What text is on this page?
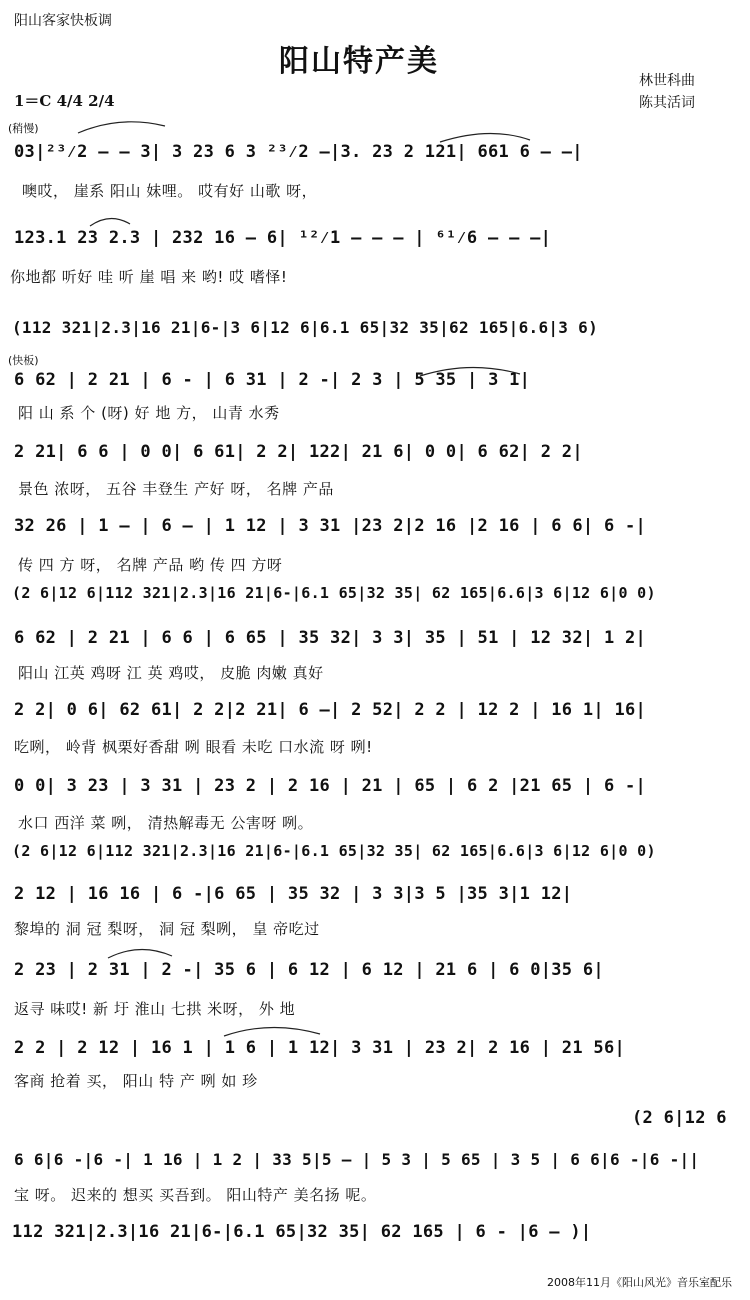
阳山客家快板调
阳山特产美
林世科曲
陈其活词
1＝C 4/4 2/4
(稍慢)
(快板)
03|²³⁄2 — — 3| 3 23 6 3 ²³⁄2 —|3. 23 2 121| 661 6 — —|
噢哎， 崖系 阳山 妹哩。 哎有好 山歌 呀，
123.1 23 2.3 | 232 16 — 6| ¹²⁄1 — — — | ⁶¹⁄6 — — —|
你地都 听好 哇 听 崖 唱 来 哟! 哎 嗜怿!
(112 321|2.3|16 21|6-|3 6|12 6|6.1 65|32 35|62 165|6.6|3 6)
6 62 | 2 21 | 6 - | 6 31 | 2 -| 2 3 | 5 35 | 3 1|
阳 山 系 个 (呀) 好 地 方， 山青 水秀
2 21| 6 6 | 0 0| 6 61| 2 2| 122| 21 6| 0 0| 6 62| 2 2|
景色 浓呀， 五谷 丰登生 产好 呀， 名牌 产品
32 26 | 1 — | 6 — | 1 12 | 3 31 |23 2|2 16 |2 16 | 6 6| 6 -|
传 四 方 呀， 名牌 产品 哟 传 四 方呀
(2 6|12 6|112 321|2.3|16 21|6-|6.1 65|32 35| 62 165|6.6|3 6|12 6|0 0)
6 62 | 2 21 | 6 6 | 6 65 | 35 32| 3 3| 35 | 51 | 12 32| 1 2|
阳山 江英 鸡呀 江 英 鸡哎， 皮脆 肉嫩 真好
2 2| 0 6| 62 61| 2 2|2 21| 6 —| 2 52| 2 2 | 12 2 | 16 1| 16|
吃咧， 岭背 枫栗好香甜 咧 眼看 未吃 口水流 呀 咧!
0 0| 3 23 | 3 31 | 23 2 | 2 16 | 21 | 65 | 6 2 |21 65 | 6 -|
水口 西洋 菜 咧， 清热解毒无 公害呀 咧。
(2 6|12 6|112 321|2.3|16 21|6-|6.1 65|32 35| 62 165|6.6|3 6|12 6|0 0)
2 12 | 16 16 | 6 -|6 65 | 35 32 | 3 3|3 5 |35 3|1 12|
黎埠的 洞 冠 梨呀， 洞 冠 梨咧， 皇 帝吃过
2 23 | 2 31 | 2 -| 35 6 | 6 12 | 6 12 | 21 6 | 6 0|35 6|
返寻 味哎! 新 圩 淮山 七拱 米呀， 外 地
2 2 | 2 12 | 16 1 | 1 6 | 1 12| 3 31 | 23 2| 2 16 | 21 56|
客商 抢着 买， 阳山 特 产 咧 如 珍
(2 6|12 6
6 6|6 -|6 -| 1 16 | 1 2 | 33 5|5 — | 5 3 | 5 65 | 3 5 | 6 6|6 -|6 -||
宝 呀。 迟来的 想买 买吾到。 阳山特产 美名扬 呢。
112 321|2.3|16 21|6-|6.1 65|32 35| 62 165 | 6 - |6 — )|
2008年11月《阳山风光》音乐室配乐
